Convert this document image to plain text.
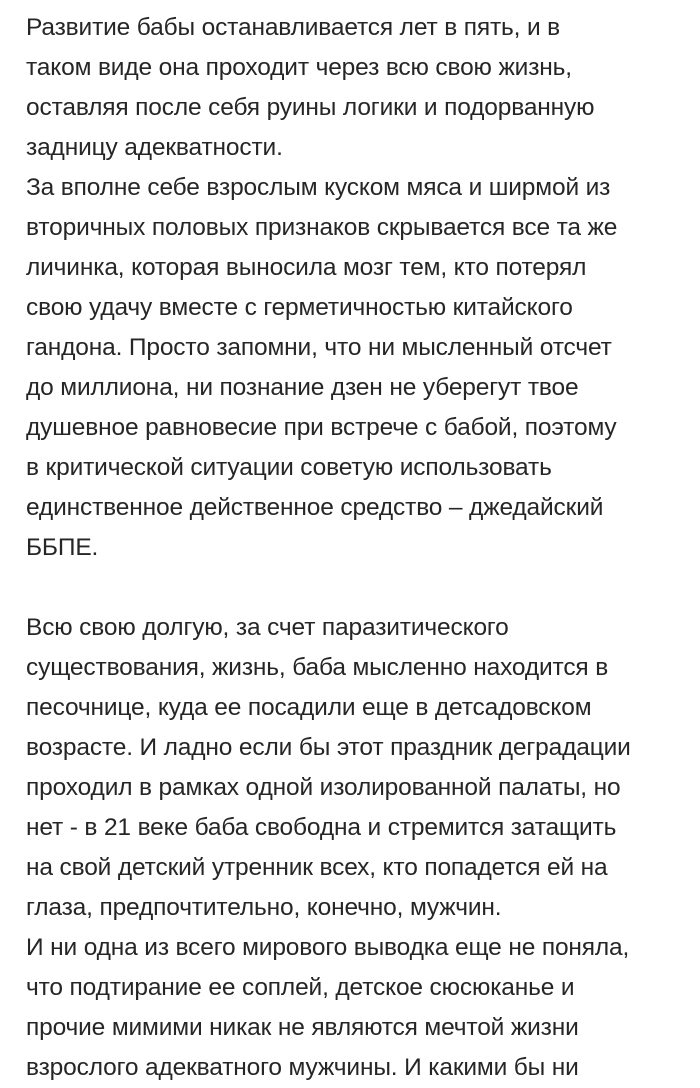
Развитие бабы останавливается лет в пять, и в
таком виде она проходит через всю свою жизнь,
оставляя после себя руины логики и подорванную
задницу адекватности.
За вполне себе взрослым куском мяса и ширмой из
вторичных половых признаков скрывается все та же
личинка, которая выносила мозг тем, кто потерял
свою удачу вместе с герметичностью китайского
гандона. Просто запомни, что ни мысленный отсчет
до миллиона, ни познание дзен не уберегут твое
душевное равновесие при встрече с бабой, поэтому
в критической ситуации советую использовать
единственное действенное средство – джедайский
ББПЕ.
Всю свою долгую, за счет паразитического
существования, жизнь, баба мысленно находится в
песочнице, куда ее посадили еще в детсадовском
возрасте. И ладно если бы этот праздник деградации
проходил в рамках одной изолированной палаты, но
нет - в 21 веке баба свободна и стремится затащить
на свой детский утренник всех, кто попадется ей на
глаза, предпочтительно, конечно, мужчин.
И ни одна из всего мирового выводка еще не поняла,
что подтирание ее соплей, детское сюсюканье и
прочие мимими никак не являются мечтой жизни
взрослого адекватного мужчины. И какими бы ни
